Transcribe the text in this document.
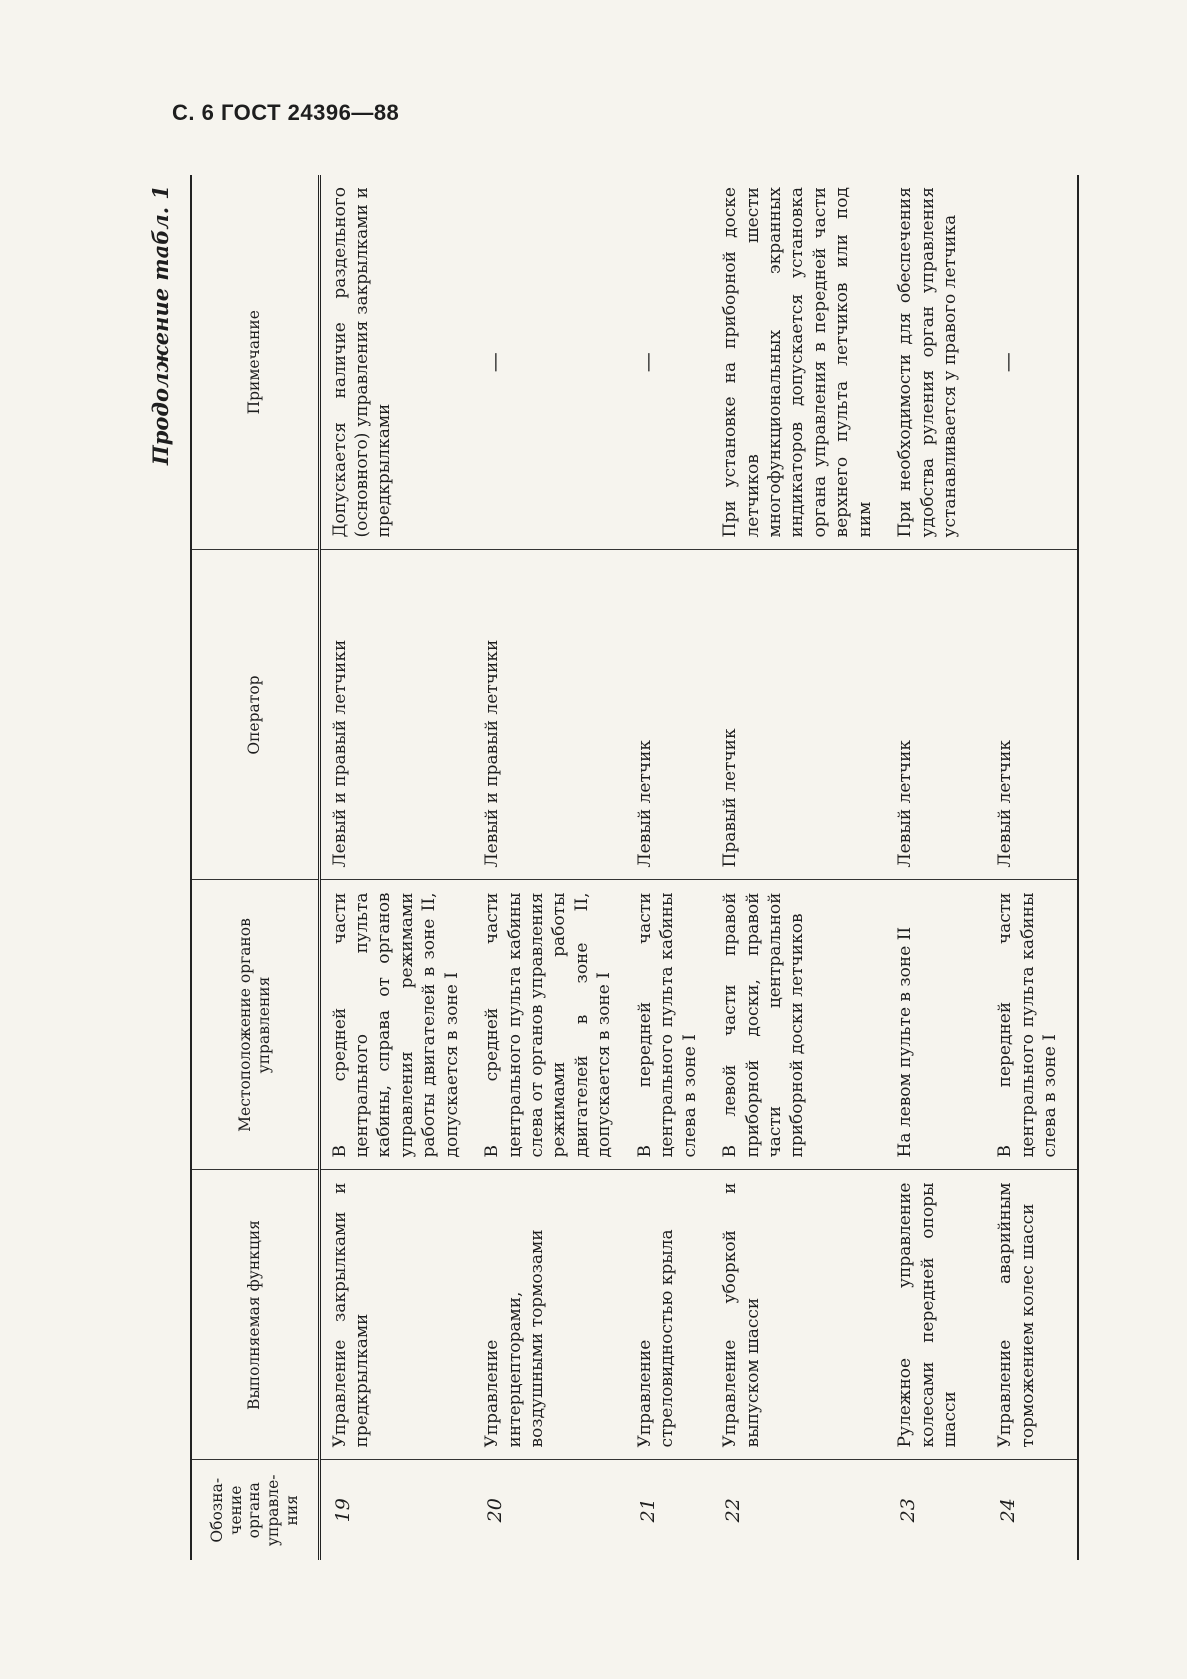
С. 6 ГОСТ 24396—88
Продолжение табл. 1
Обозна-чение органа управле-ния	Выполняемая функция	Местоположение органов управления	Оператор	Примечание
19	Управление закрылками и предкрылками	В средней части центрального пульта кабины, справа от органов управления режимами работы двигателей в зоне II, допускается в зоне I	Левый и правый летчики	Допускается наличие раздельного (основного) управления закрылками и предкрылками
20	Управление интерцепторами, воздушными тормозами	В средней части центрального пульта кабины слева от органов управления режимами работы двигателей в зоне II, допускается в зоне I	Левый и правый летчики	—
21	Управление стреловидностью крыла	В передней части центрального пульта кабины слева в зоне I	Левый летчик	—
22	Управление уборкой и выпуском шасси	В левой части правой приборной доски, правой части центральной приборной доски летчиков	Правый летчик	При установке на приборной доске летчиков шести многофункциональных экранных индикаторов допускается установка органа управления в передней части верхнего пульта летчиков или под ним
23	Рулежное управление колесами передней опоры шасси	На левом пульте в зоне II	Левый летчик	При необходимости для обеспечения удобства руления орган управления устанавливается у правого летчика
24	Управление аварийным торможением колес шасси	В передней части центрального пульта кабины слева в зоне I	Левый летчик	—
